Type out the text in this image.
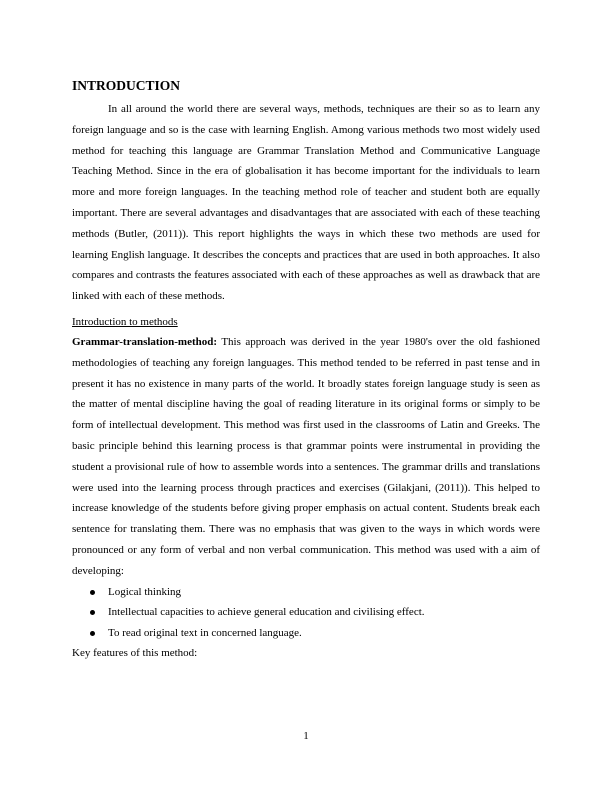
INTRODUCTION

In all around the world there are several ways, methods, techniques are their so as to learn any foreign language and so is the case with learning English. Among various methods two most widely used method for teaching this language are Grammar Translation Method and Communicative Language Teaching Method. Since in the era of globalisation it has become important for the individuals to learn more and more foreign languages. In the teaching method role of teacher and student both are equally important. There are several advantages and disadvantages that are associated with each of these teaching methods (Butler, (2011)). This report highlights the ways in which these two methods are used for learning English language. It describes the concepts and practices that are used in both approaches. It also compares and contrasts the features associated with each of these approaches as well as drawback that are linked with each of these methods.

Introduction to methods

Grammar-translation-method: This approach was derived in the year 1980's over the old fashioned methodologies of teaching any foreign languages. This method tended to be referred in past tense and in present it has no existence in many parts of the world. It broadly states foreign language study is seen as the matter of mental discipline having the goal of reading literature in its original forms or simply to be form of intellectual development. This method was first used in the classrooms of Latin and Greeks. The basic principle behind this learning process is that grammar points were instrumental in providing the student a provisional rule of how to assemble words into a sentences. The grammar drills and translations were used into the learning process through practices and exercises (Gilakjani, (2011)). This helped to increase knowledge of the students before giving proper emphasis on actual content. Students break each sentence for translating them. There was no emphasis that was given to the ways in which words were pronounced or any form of verbal and non verbal communication. This method was used with a aim of developing:

Logical thinking
Intellectual capacities to achieve general education and civilising effect.
To read original text in concerned language.

Key features of this method:

1
